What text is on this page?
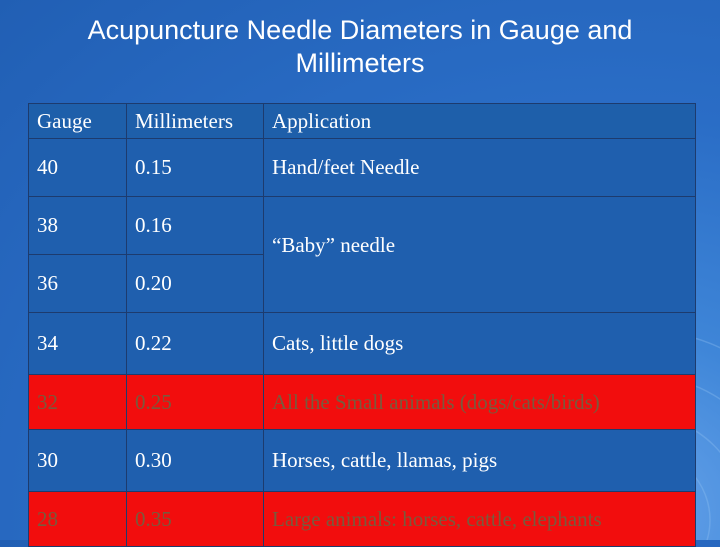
Acupuncture Needle Diameters in Gauge and Millimeters
Gauge	Millimeters	Application
40	0.15	Hand/feet Needle
38	0.16	“Baby” needle
36	0.20	
34	0.22	Cats, little dogs
32	0.25	All the Small animals (dogs/cats/birds)
30	0.30	Horses, cattle, llamas, pigs
28	0.35	Large animals: horses, cattle, elephants
